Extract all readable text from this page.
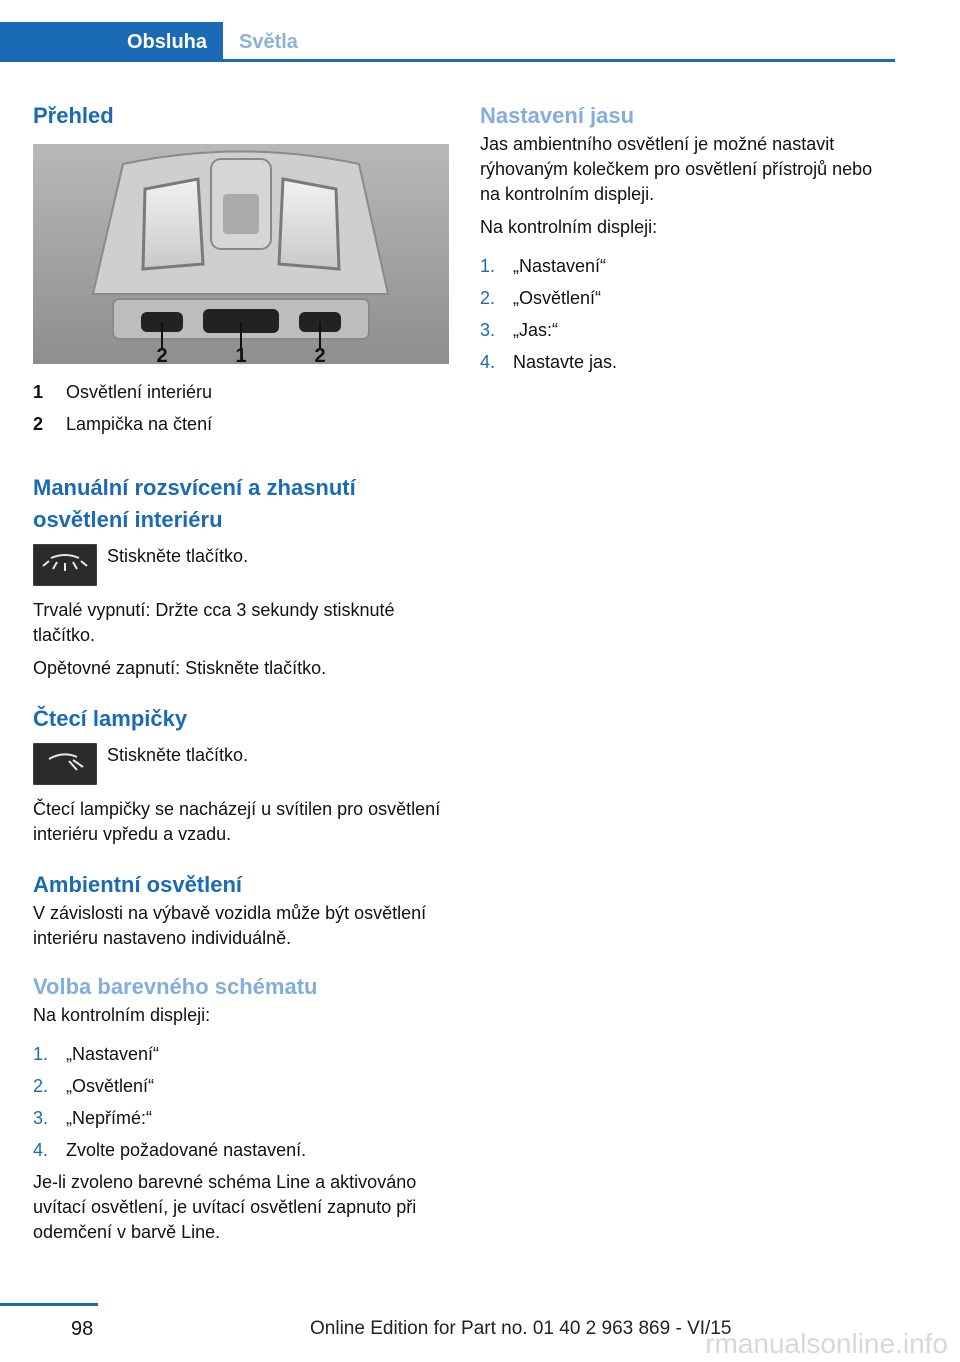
Obsluha	Světla
Přehled
2	1	2
1	Osvětlení interiéru
2	Lampička na čtení
Manuální rozsvícení a zhasnutí
osvětlení interiéru

Stiskněte tlačítko.

Trvalé vypnutí: Držte cca 3 sekundy stisknuté tlačítko.

Opětovné zapnutí: Stiskněte tlačítko.

Čtecí lampičky

Stiskněte tlačítko.

Čtecí lampičky se nacházejí u svítilen pro osvětlení interiéru vpředu a vzadu.

Ambientní osvětlení

V závislosti na výbavě vozidla může být osvětlení interiéru nastaveno individuálně.

Volba barevného schématu

Na kontrolním displeji:

1. „Nastavení“
2. „Osvětlení“
3. „Nepřímé:“
4. Zvolte požadované nastavení.

Je-li zvoleno barevné schéma Line a aktivováno uvítací osvětlení, je uvítací osvětlení zapnuto při odemčení v barvě Line.

Nastavení jasu

Jas ambientního osvětlení je možné nastavit rýhovaným kolečkem pro osvětlení přístrojů nebo na kontrolním displeji.

Na kontrolním displeji:

1. „Nastavení“
2. „Osvětlení“
3. „Jas:“
4. Nastavte jas.
98	Online Edition for Part no. 01 40 2 963 869 - VI/15
rmanualsonline.info
